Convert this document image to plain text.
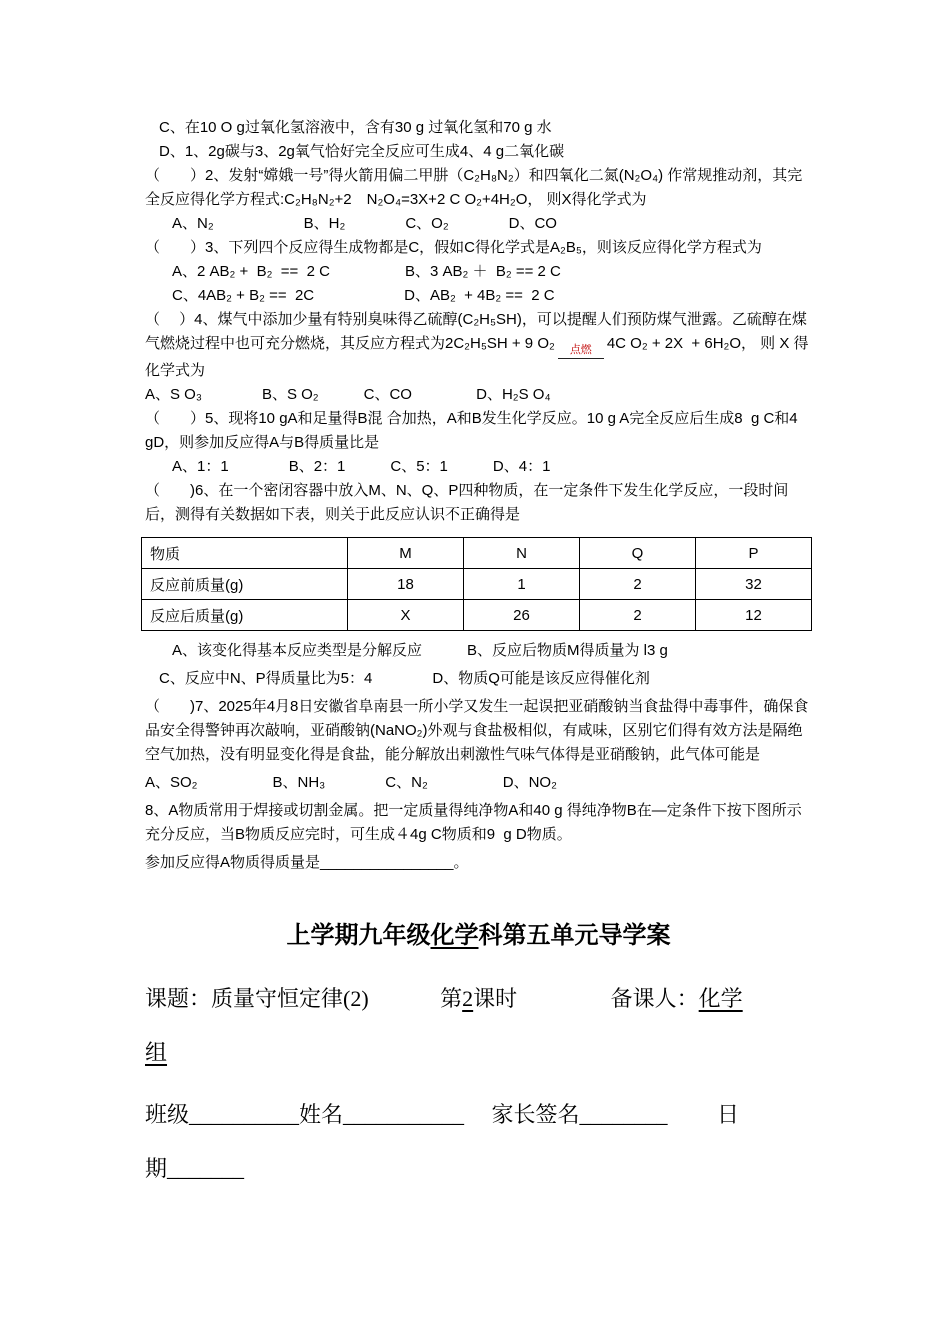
C、在10 O g过氧化氢溶液中，含有30 g 过氧化氢和70 g 水

D、1、2g碳与3、2g氧气恰好完全反应可生成4、4 g二氧化碳

（　　）2、发射“嫦娥一号”得火箭用偏二甲肼（C₂H₈N₂）和四氧化二氮(N₂O₄) 作常规推动剂，其完全反应得化学方程式:C₂H₈N₂+2　N₂O₄=3X+2 C O₂+4H₂O， 则X得化学式为

A、N₂　　　　　　B、H₂　　　　C、O₂　　　　D、CO

（　　）3、下列四个反应得生成物都是C，假如C得化学式是A₂B₅，则该反应得化学方程式为

A、2 AB₂ +  B₂  ==  2 C　　　　　B、3 AB₂ ＋  B₂ == 2 C

C、4AB₂ + B₂ ==  2C　　　　　　D、AB₂  + 4B₂ ==  2 C

（　 ）4、煤气中添加少量有特别臭味得乙硫醇(C₂H₅SH)，可以提醒人们预防煤气泄露。乙硫醇在煤气燃烧过程中也可充分燃烧，其反应方程式为2C₂H₅SH + 9 O₂	点燃	4C O₂ + 2X  + 6H₂O， 则 X 得化学式为

A、S O₃　　　　B、S O₂　　　C、CO　　　　 D、H₂S O₄

（　　）5、现将10 gA和足量得B混 合加热，A和B发生化学反应。10 g A完全反应后生成8  g C和4 gD，则参加反应得A与B得质量比是

A、1：1　　　　B、2：1　　　C、5：1　　　D、4：1

（　　)6、在一个密闭容器中放入M、N、Q、P四种物质，在一定条件下发生化学反应，一段时间后，测得有关数据如下表，则关于此反应认识不正确得是

物质	M	N	Q	P
反应前质量(g)	18	1	2	32
反应后质量(g)	X	26	2	12

A、该变化得基本反应类型是分解反应　　　B、反应后物质M得质量为 l3 g

C、反应中N、P得质量比为5：4　　　　D、物质Q可能是该反应得催化剂

（　　)7、2025年4月8日安徽省阜南县一所小学又发生一起误把亚硝酸钠当食盐得中毒事件，确保食品安全得警钟再次敲响，亚硝酸钠(NaNO₂)外观与食盐极相似，有咸味，区别它们得有效方法是隔绝空气加热，没有明显变化得是食盐，能分解放出刺激性气味气体得是亚硝酸钠，此气体可能是

A、SO₂　　　　　B、NH₃　　　　C、N₂　　　　　D、NO₂

8、A物质常用于焊接或切割金属。把一定质量得纯净物A和40 g 得纯净物B在—定条件下按下图所示充分反应，当B物质反应完时，可生成４4g C物质和9  g D物质。

参加反应得A物质得质量是________________。

上学期九年级化学科第五单元导学案

课题：质量守恒定律(2)　　　 第2课时　　　　 备课人：化学

组

班级__________姓名___________　 家长签名________　　 日

期_______
